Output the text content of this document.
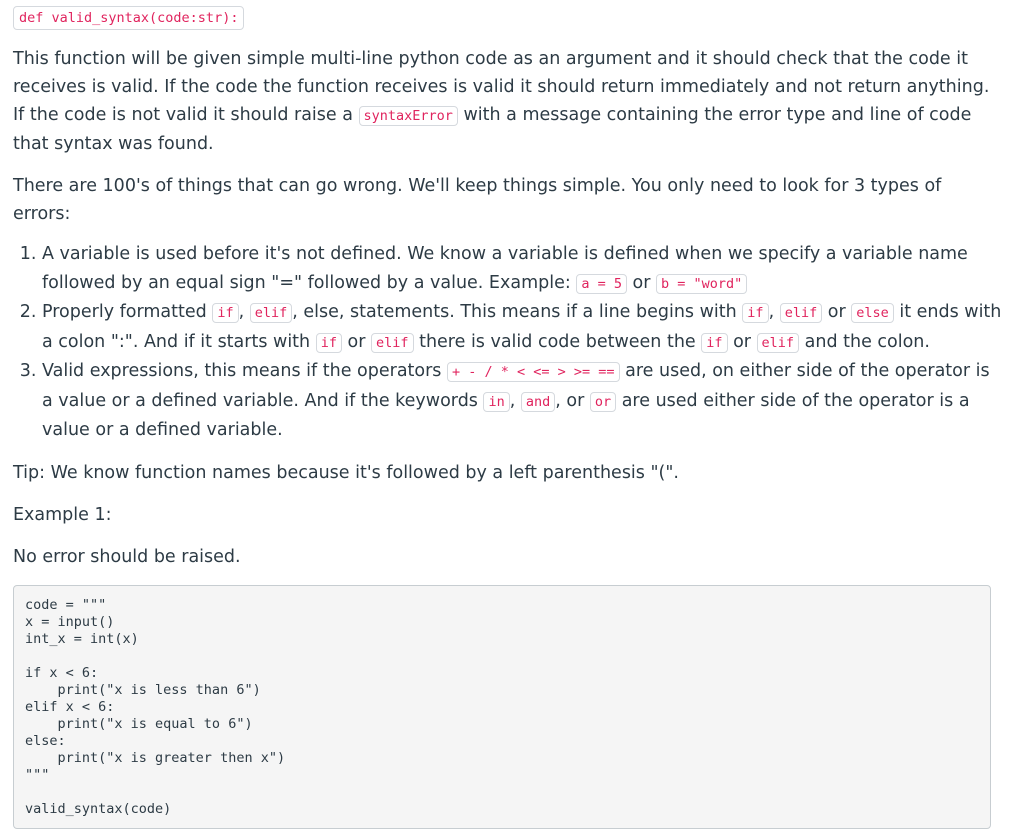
def valid_syntax(code:str):

This function will be given simple multi-line python code as an argument and it should check that the code it receives is valid. If the code the function receives is valid it should return immediately and not return anything. If the code is not valid it should raise a syntaxError with a message containing the error type and line of code that syntax was found.

There are 100's of things that can go wrong. We'll keep things simple. You only need to look for 3 types of errors:

1. A variable is used before it's not defined. We know a variable is defined when we specify a variable name followed by an equal sign "=" followed by a value. Example: a = 5 or b = "word"
2. Properly formatted if , elif , else, statements. This means if a line begins with if , elif or else it ends with a colon ":". And if it starts with if or elif there is valid code between the if or elif and the colon.
3. Valid expressions, this means if the operators + - / * < <= > >= == are used, on either side of the operator is a value or a defined variable. And if the keywords in , and , or or are used either side of the operator is a value or a defined variable.

Tip: We know function names because it's followed by a left parenthesis "(".

Example 1:

No error should be raised.

code = """
x = input()
int_x = int(x)

if x < 6:
print("x is less than 6")
elif x < 6:
print("x is equal to 6")
else:
print("x is greater then x")
"""

valid_syntax(code)
